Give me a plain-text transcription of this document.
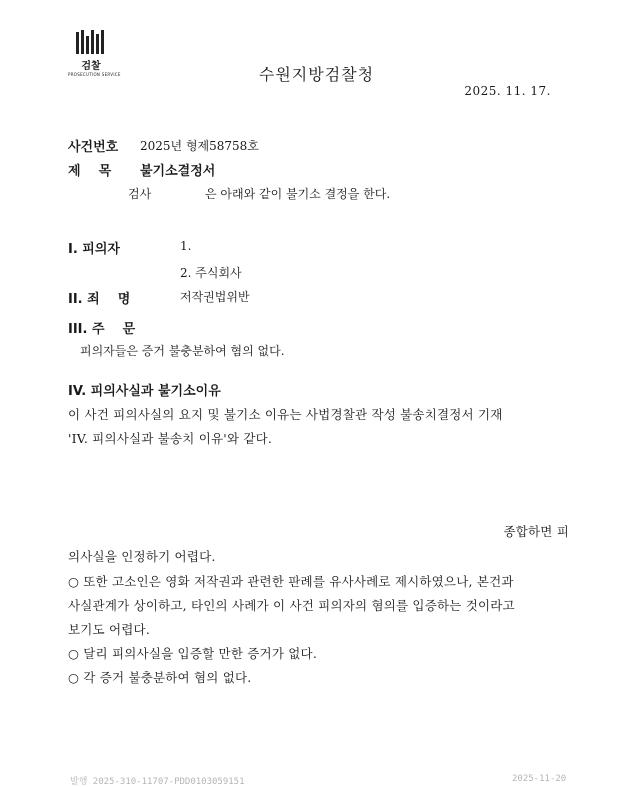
검찰
PROSECUTION SERVICE	수원지방검찰청
2025. 11. 17.
사건번호 2025년 형제58758호
제    목 불기소결정서
검사	은 아래와 같이 불기소 결정을 한다.
I. 피의자	1.
2. 주식회사
II. 죄    명	저작권법위반
III. 주    문
피의자들은 증거 불충분하여 혐의 없다.
IV. 피의사실과 불기소이유
이 사건 피의사실의 요지 및 불기소 이유는 사법경찰관 작성 불송치결정서 기재
'IV. 피의사실과 불송치 이유'와 같다.
종합하면 피
의사실을 인정하기 어렵다.
○ 또한 고소인은 영화 저작권과 관련한 판례를 유사사례로 제시하였으나, 본건과
사실관계가 상이하고, 타인의 사례가 이 사건 피의자의 혐의를 입증하는 것이라고
보기도 어렵다.
○ 달리 피의사실을 입증할 만한 증거가 없다.
○ 각 증거 불충분하여 혐의 없다.
발행 2025-310-11707-PDD0103059151	2025-11-20
